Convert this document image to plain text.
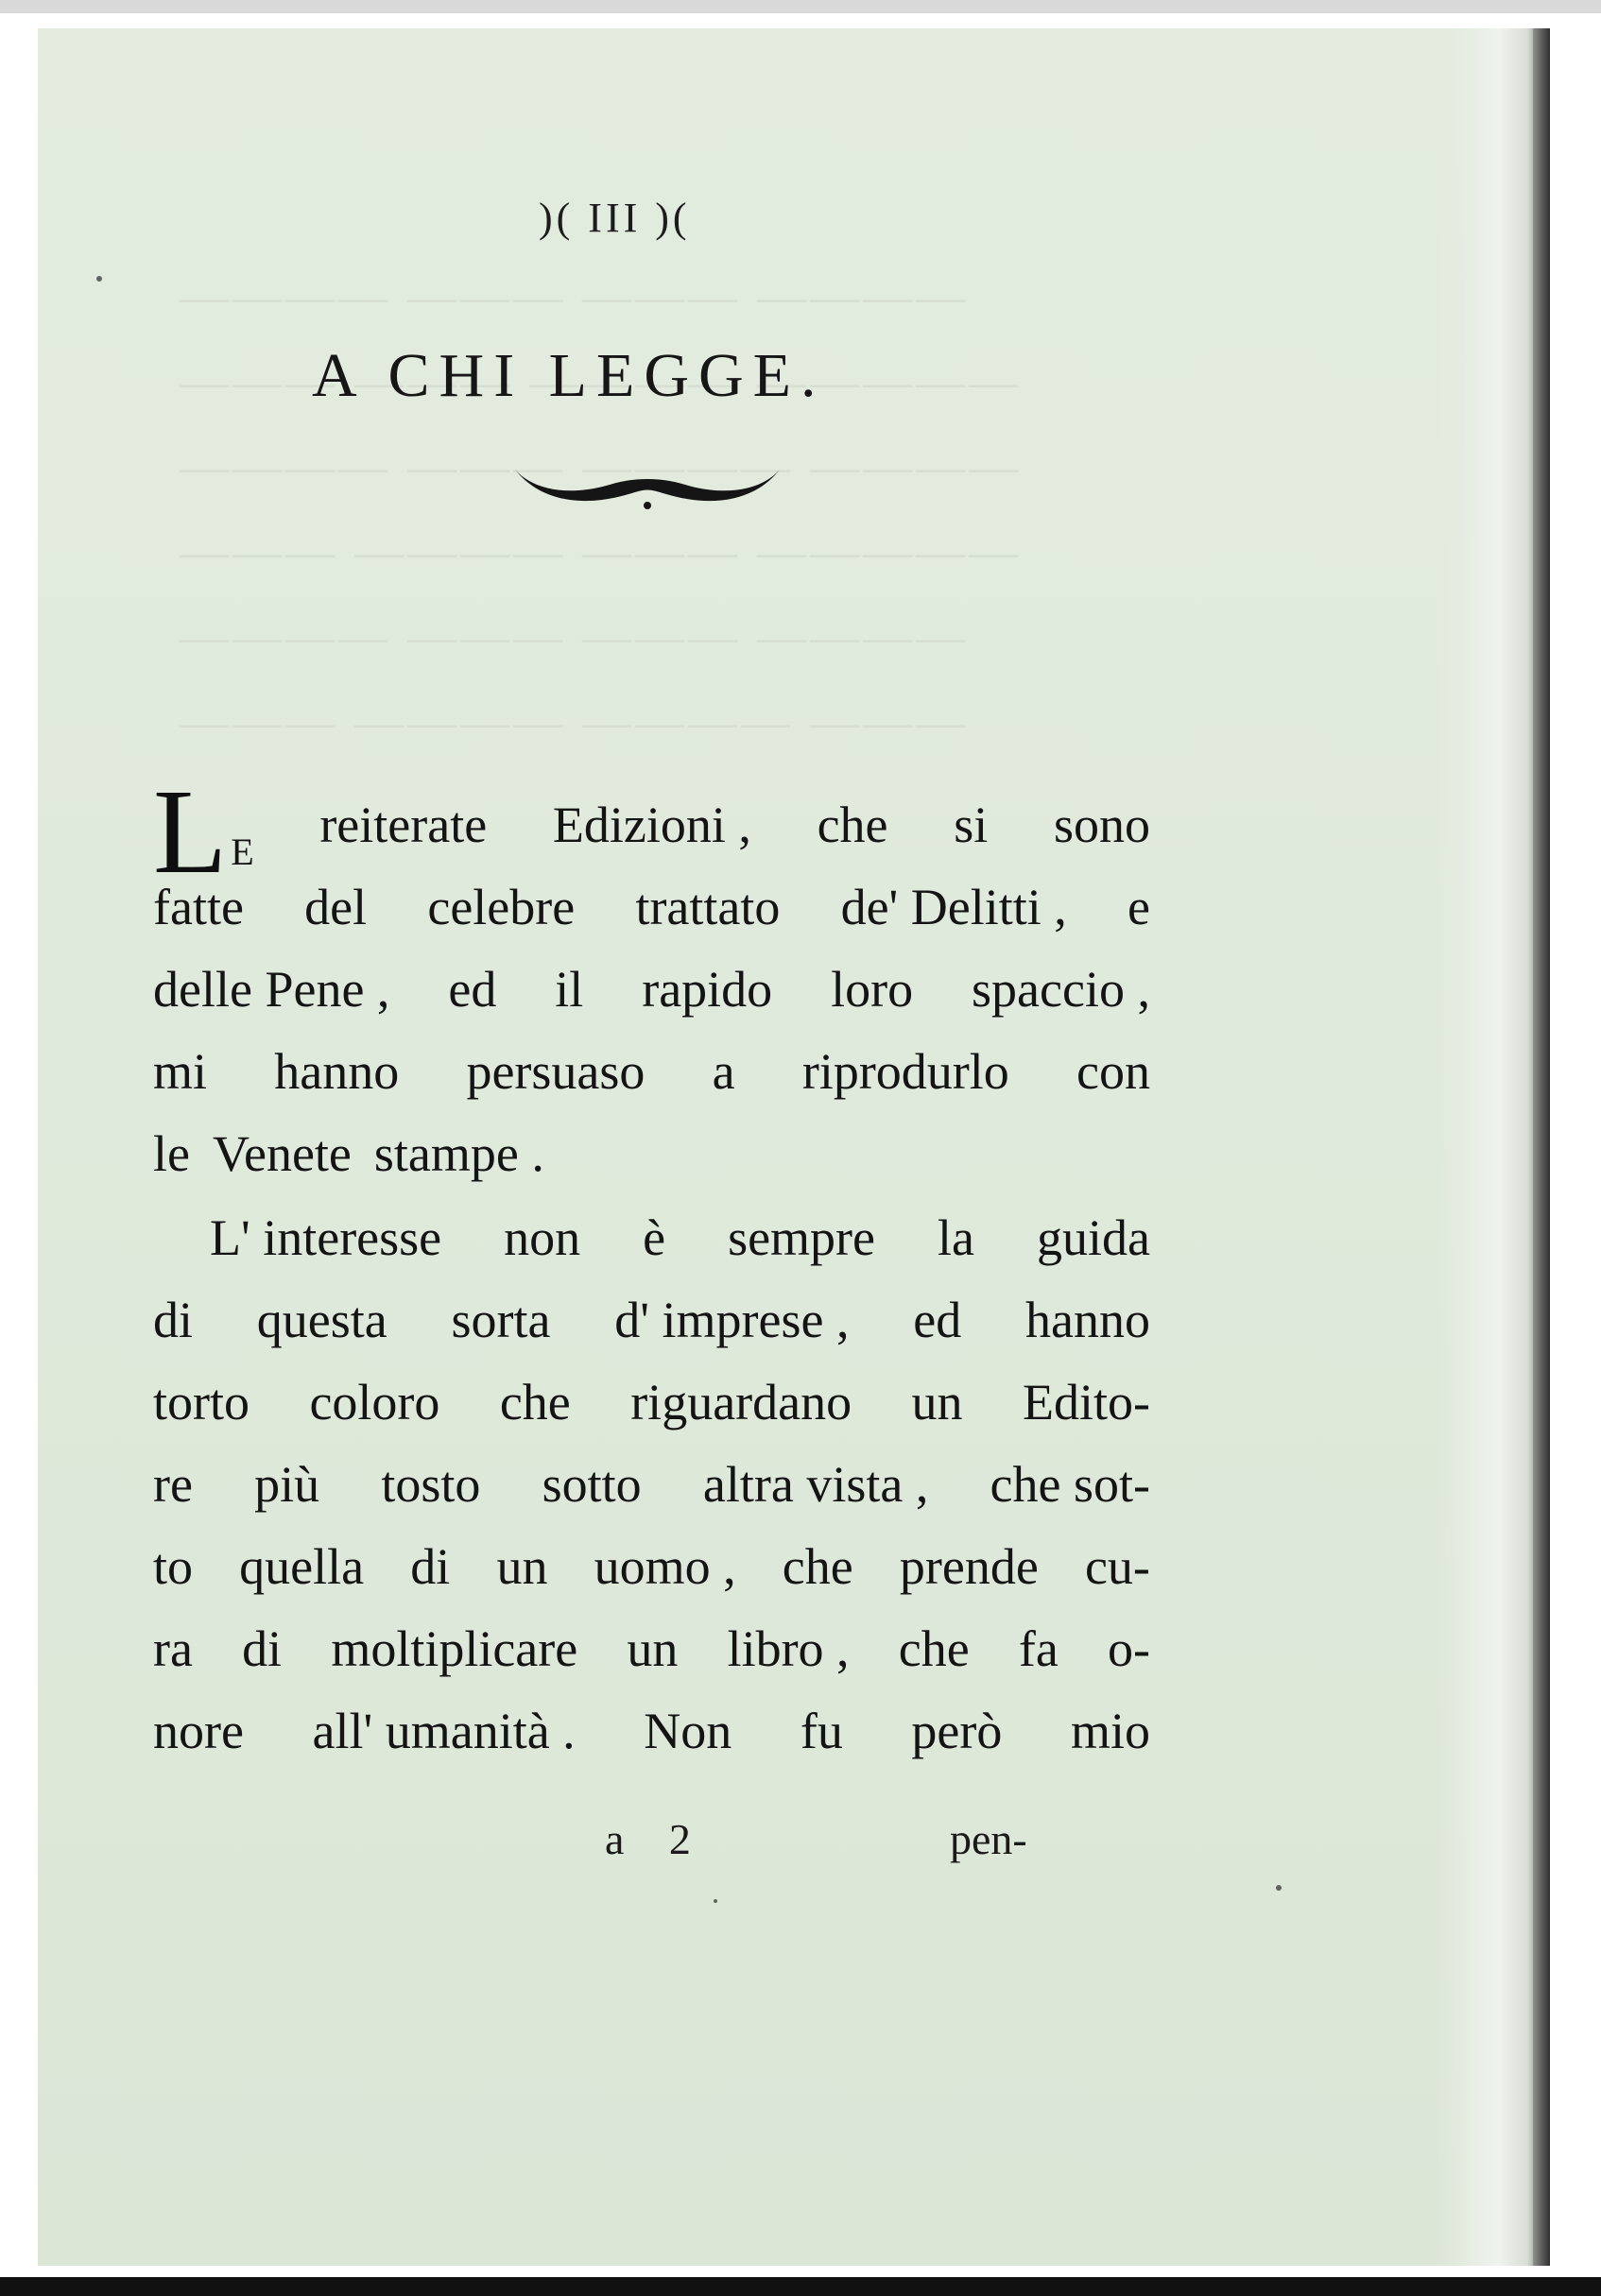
)( III )(
A CHI LEGGE.
L E reiterate Edizioni , che si sono
fatte del celebre trattato de' Delitti , e
delle Pene , ed il rapido loro spaccio ,
mi hanno persuaso a riprodurlo con
le Venete stampe .
L' interesse non è sempre la guida
di questa sorta d' imprese , ed hanno
torto coloro che riguardano un Edito-
re più tosto sotto altra vista , che sot-
to quella di un uomo , che prende cu-
ra di moltiplicare un libro , che fa o-
nore all' umanità . Non fu però mio
a 2	pen-
